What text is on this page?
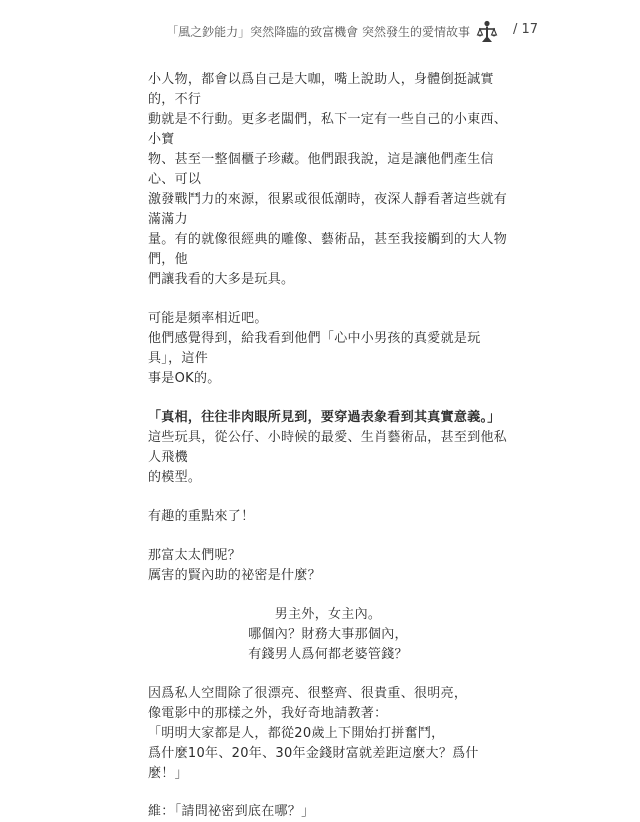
「風之鈔能力」突然降臨的致富機會 突然發生的愛情故事	/ 17

小人物，都會以爲自己是大咖，嘴上說助人，身體倒挺誠實的，不行

動就是不行動。更多老闆們，私下一定有一些自己的小東西、小寶

物、甚至一整個櫃子珍藏。他們跟我說，這是讓他們產生信心、可以

激發戰鬥力的來源，很累或很低潮時，夜深人靜看著這些就有滿滿力

量。有的就像很經典的雕像、藝術品，甚至我接觸到的大人物們，他

們讓我看的大多是玩具。

可能是頻率相近吧。

他們感覺得到，給我看到他們「心中小男孩的真愛就是玩具」，這件

事是OK的。

「真相，往往非肉眼所見到，要穿過表象看到其真實意義。」

這些玩具，從公仔、小時候的最愛、生肖藝術品，甚至到他私人飛機

的模型。

有趣的重點來了！

那富太太們呢？

厲害的賢內助的祕密是什麼？

男主外，女主內。

哪個內？財務大事那個內，

有錢男人爲何都老婆管錢？

因爲私人空間除了很漂亮、很整齊、很貴重、很明亮，

像電影中的那樣之外，我好奇地請教著：

「明明大家都是人，都從20歲上下開始打拼奮鬥，

爲什麼10年、20年、30年金錢財富就差距這麼大？爲什麼！」

維：「請問祕密到底在哪？」
